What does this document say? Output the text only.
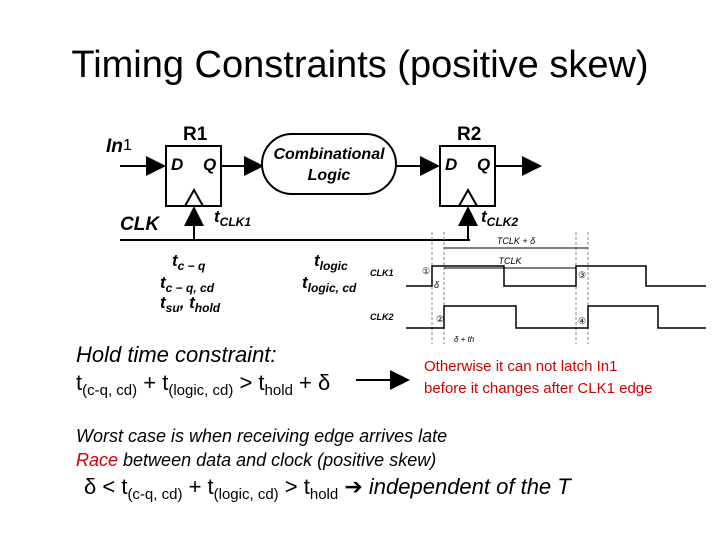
Timing Constraints (positive skew)
In 1
R1
D Q
Combinational
Logic
R2
D Q
CLK	$t_{CLK1}$	$t_{CLK2}$
$t_{c - q}$
$t_{c - q, cd}$
$t_{su}$, $t_{hold}$
$t_{logic}$
$t_{logic, cd}$
TCLK + δ
TCLK
CLK1
CLK2
δ
δ + th
①
②
③
④
Hold time constraint:
$t_{(c-q, cd)} + t_{(logic, cd)} > t_{hold} + \delta$
Otherwise it can not latch In1
before it changes after CLK1 edge
Worst case is when receiving edge arrives late
Race between data and clock (positive skew)
$\delta < t_{(c-q, cd)} + t_{(logic, cd)} > t_{hold}$ ➔ independent of the T
